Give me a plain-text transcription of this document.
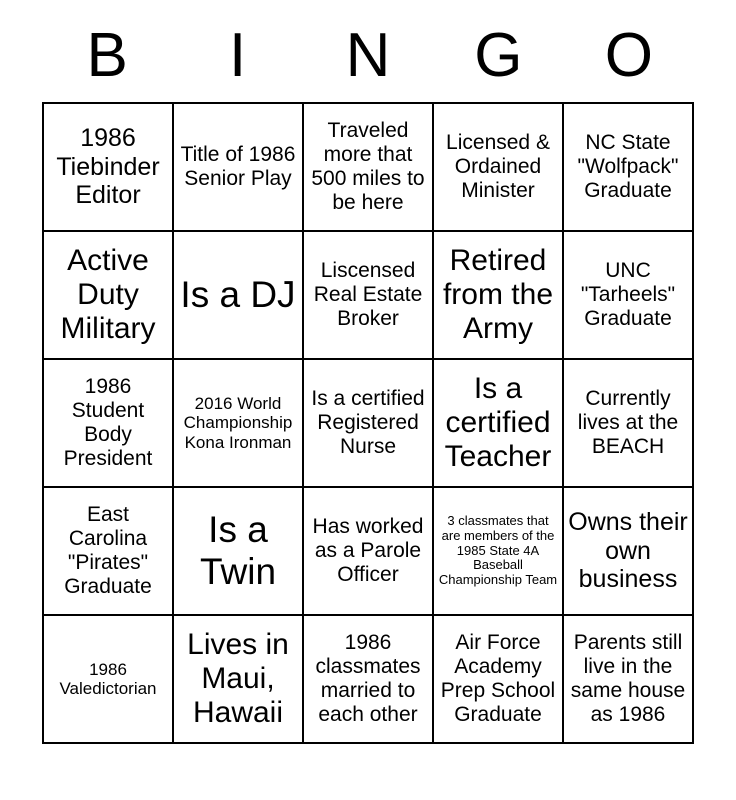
B	I	N	G	O
1986 Tiebinder Editor	Title of 1986 Senior Play	Traveled more that 500 miles to be here	Licensed & Ordained Minister	NC State "Wolfpack" Graduate

Active Duty Military	Is a DJ	Liscensed Real Estate Broker	Retired from the Army	UNC "Tarheels" Graduate

1986 Student Body President	2016 World Championship Kona Ironman	Is a certified Registered Nurse	Is a certified Teacher	Currently lives at the BEACH

East Carolina "Pirates" Graduate	Is a Twin	Has worked as a Parole Officer	3 classmates that are members of the 1985 State 4A Baseball Championship Team	Owns their own business

1986 Valedictorian	Lives in Maui, Hawaii	1986 classmates married to each other	Air Force Academy Prep School Graduate	Parents still live in the same house as 1986
